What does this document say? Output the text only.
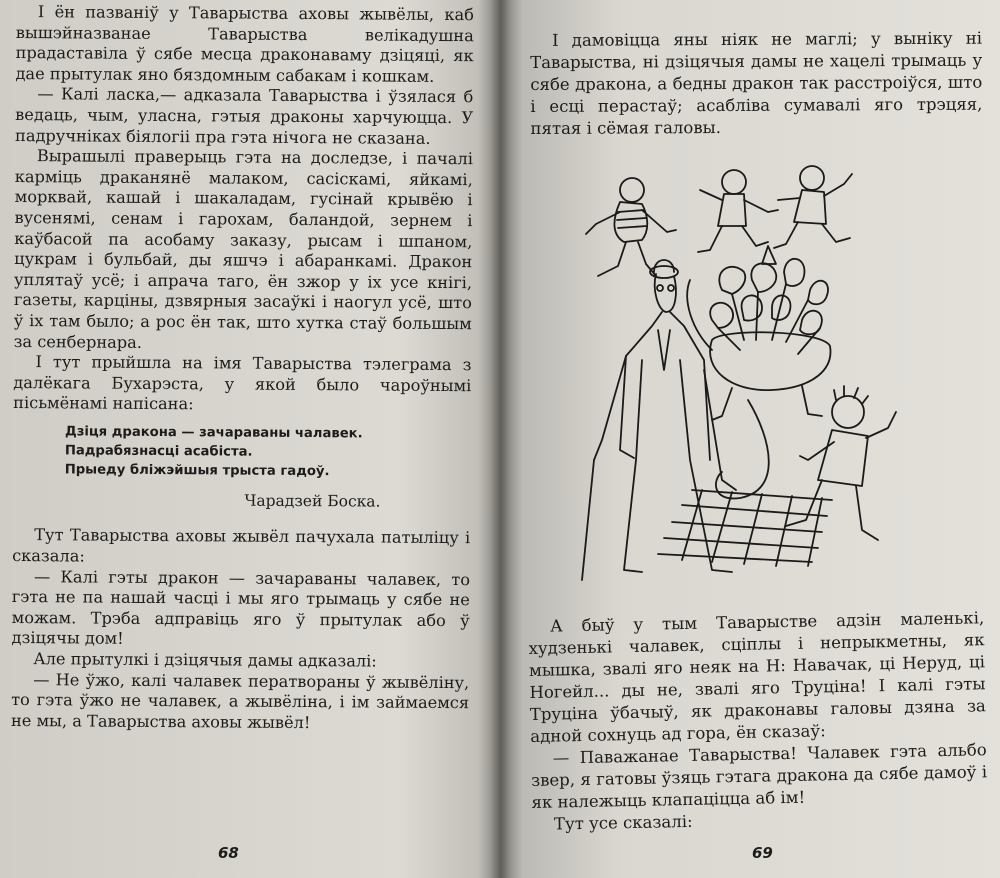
І ён пазваніў у Таварыства аховы жывёлы, каб вышэйназванае Таварыства велікадушна прадаставіла ў сябе месца драконаваму дзіцяці, як дае прытулак яно бяздомным сабакам і кошкам.

— Калі ласка,— адказала Таварыства і ўзялася б ведаць, чым, уласна, гэтыя драконы харчуюцца. У падручніках біялогіі пра гэта нічога не сказана.

Вырашылі праверыць гэта на доследзе, і пачалі карміць драканянё малаком, сасіскамі, яйкамі, морквай, кашай і шакаладам, гусінай крывёю і вусенямі, сенам і гарохам, баландой, зернем і каўбасой па асобаму заказу, рысам і шпаном, цукрам і бульбай, ды яшчэ і абаранкамі. Дракон уплятаў усё; і апрача таго, ён зжор у іх усе кнігі, газеты, карціны, дзвярныя засаўкі і наогул усё, што ў іх там было; а рос ён так, што хутка стаў большым за сенбернара.

І тут прыйшла на імя Таварыства тэлеграма з далёкага Бухарэста, у якой было чароўнымі пісьмёнамі напісана:

Дзіця дракона — зачараваны чалавек.
Падрабязнасці асабіста.
Прыеду бліжэйшыя трыста гадоў.

Чарадзей Боска.

Тут Таварыства аховы жывёл пачухала патыліцу і сказала:

— Калі гэты дракон — зачараваны чалавек, то гэта не па нашай часці і мы яго трымаць у сябе не можам. Трэба адправіць яго ў прытулак або ў дзіцячы дом!

Але прытулкі і дзіцячыя дамы адказалі:

— Не ўжо, калі чалавек ператвораны ў жывёліну, то гэта ўжо не чалавек, а жывёліна, і ім займаемся не мы, а Таварыства аховы жывёл!

68

І дамовіцца яны ніяк не маглі; у выніку ні Таварыства, ні дзіцячыя дамы не хацелі трымаць у сябе дракона, а бедны дракон так расстроіўся, што і есці перастаў; асабліва сумавалі яго трэцяя, пятая і сёмая галовы.

А быў у тым Таварыстве адзін маленькі, худзенькі чалавек, сціплы і непрыкметны, як мышка, звалі яго неяк на Н: Навачак, ці Неруд, ці Ногейл... ды не, звалі яго Труціна! І калі гэты Труціна ўбачыў, як драконавы галовы дзяна за адной сохнуць ад гора, ён сказаў:

— Паважанае Таварыства! Чалавек гэта альбо звер, я гатовы ўзяць гэтага дракона да сябе дамоў і як належыць клапаціцца аб ім!

Тут усе сказалі:

69
